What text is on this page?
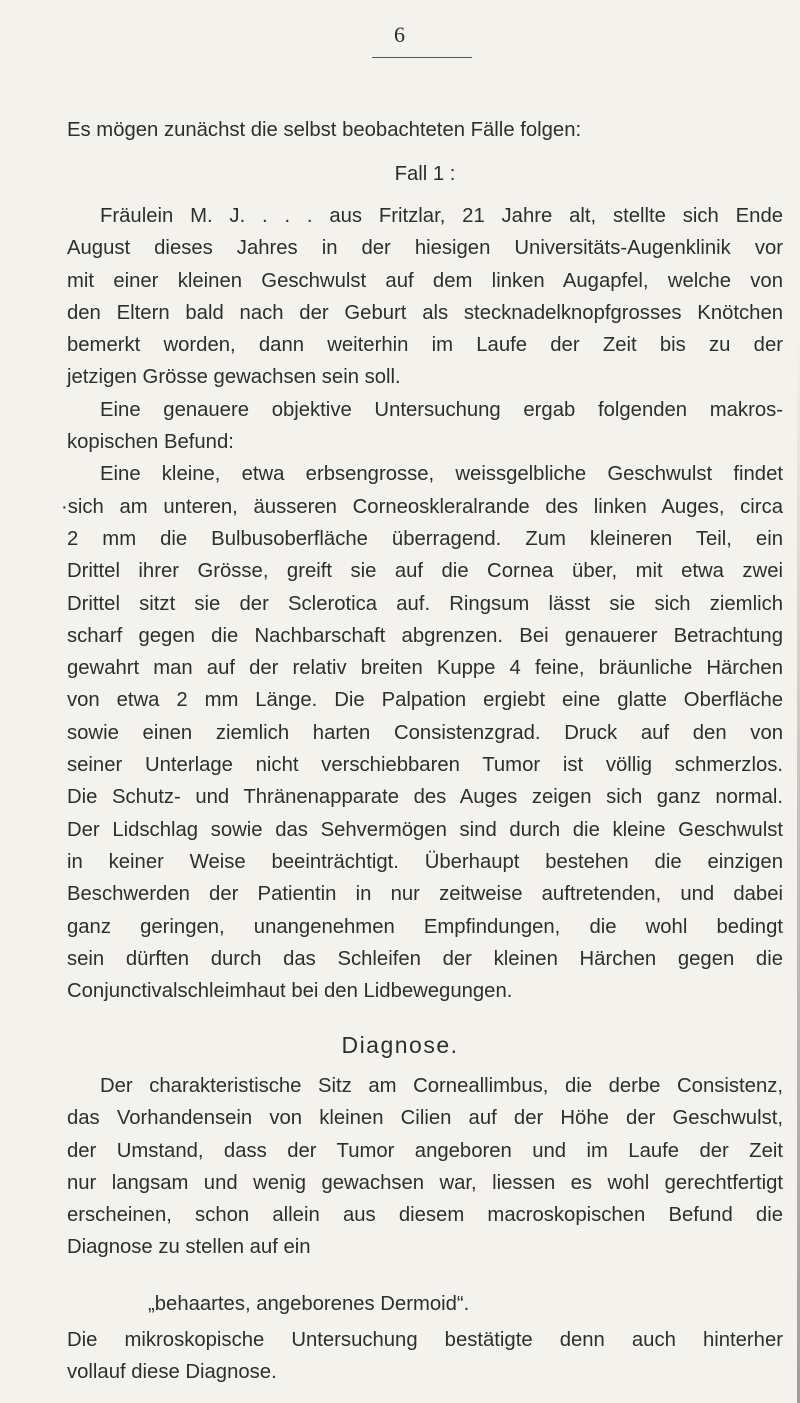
6
Es mögen zunächst die selbst beobachteten Fälle folgen:
Fall 1 :
Fräulein M. J. . . . aus Fritzlar, 21 Jahre alt, stellte sich Ende
August dieses Jahres in der hiesigen Universitäts-Augenklinik vor
mit einer kleinen Geschwulst auf dem linken Augapfel, welche von
den Eltern bald nach der Geburt als stecknadelknopfgrosses Knötchen
bemerkt worden, dann weiterhin im Laufe der Zeit bis zu der
jetzigen Grösse gewachsen sein soll.
Eine genauere objektive Untersuchung ergab folgenden makros-
kopischen Befund:
Eine kleine, etwa erbsengrosse, weissgelbliche Geschwulst findet
·sich am unteren, äusseren Corneoskleralrande des linken Auges, circa
2 mm die Bulbusoberfläche überragend. Zum kleineren Teil, ein
Drittel ihrer Grösse, greift sie auf die Cornea über, mit etwa zwei
Drittel sitzt sie der Sclerotica auf. Ringsum lässt sie sich ziemlich
scharf gegen die Nachbarschaft abgrenzen. Bei genauerer Betrachtung
gewahrt man auf der relativ breiten Kuppe 4 feine, bräunliche Härchen
von etwa 2 mm Länge. Die Palpation ergiebt eine glatte Oberfläche
sowie einen ziemlich harten Consistenzgrad. Druck auf den von
seiner Unterlage nicht verschiebbaren Tumor ist völlig schmerzlos.
Die Schutz- und Thränenapparate des Auges zeigen sich ganz normal.
Der Lidschlag sowie das Sehvermögen sind durch die kleine Geschwulst
in keiner Weise beeinträchtigt. Überhaupt bestehen die einzigen
Beschwerden der Patientin in nur zeitweise auftretenden, und dabei
ganz geringen, unangenehmen Empfindungen, die wohl bedingt
sein dürften durch das Schleifen der kleinen Härchen gegen die
Conjunctivalschleimhaut bei den Lidbewegungen.
Diagnose.
Der charakteristische Sitz am Corneallimbus, die derbe Consistenz,
das Vorhandensein von kleinen Cilien auf der Höhe der Geschwulst,
der Umstand, dass der Tumor angeboren und im Laufe der Zeit
nur langsam und wenig gewachsen war, liessen es wohl gerechtfertigt
erscheinen, schon allein aus diesem macroskopischen Befund die
Diagnose zu stellen auf ein
„behaartes, angeborenes Dermoid“.
Die mikroskopische Untersuchung bestätigte denn auch hinterher
vollauf diese Diagnose.
